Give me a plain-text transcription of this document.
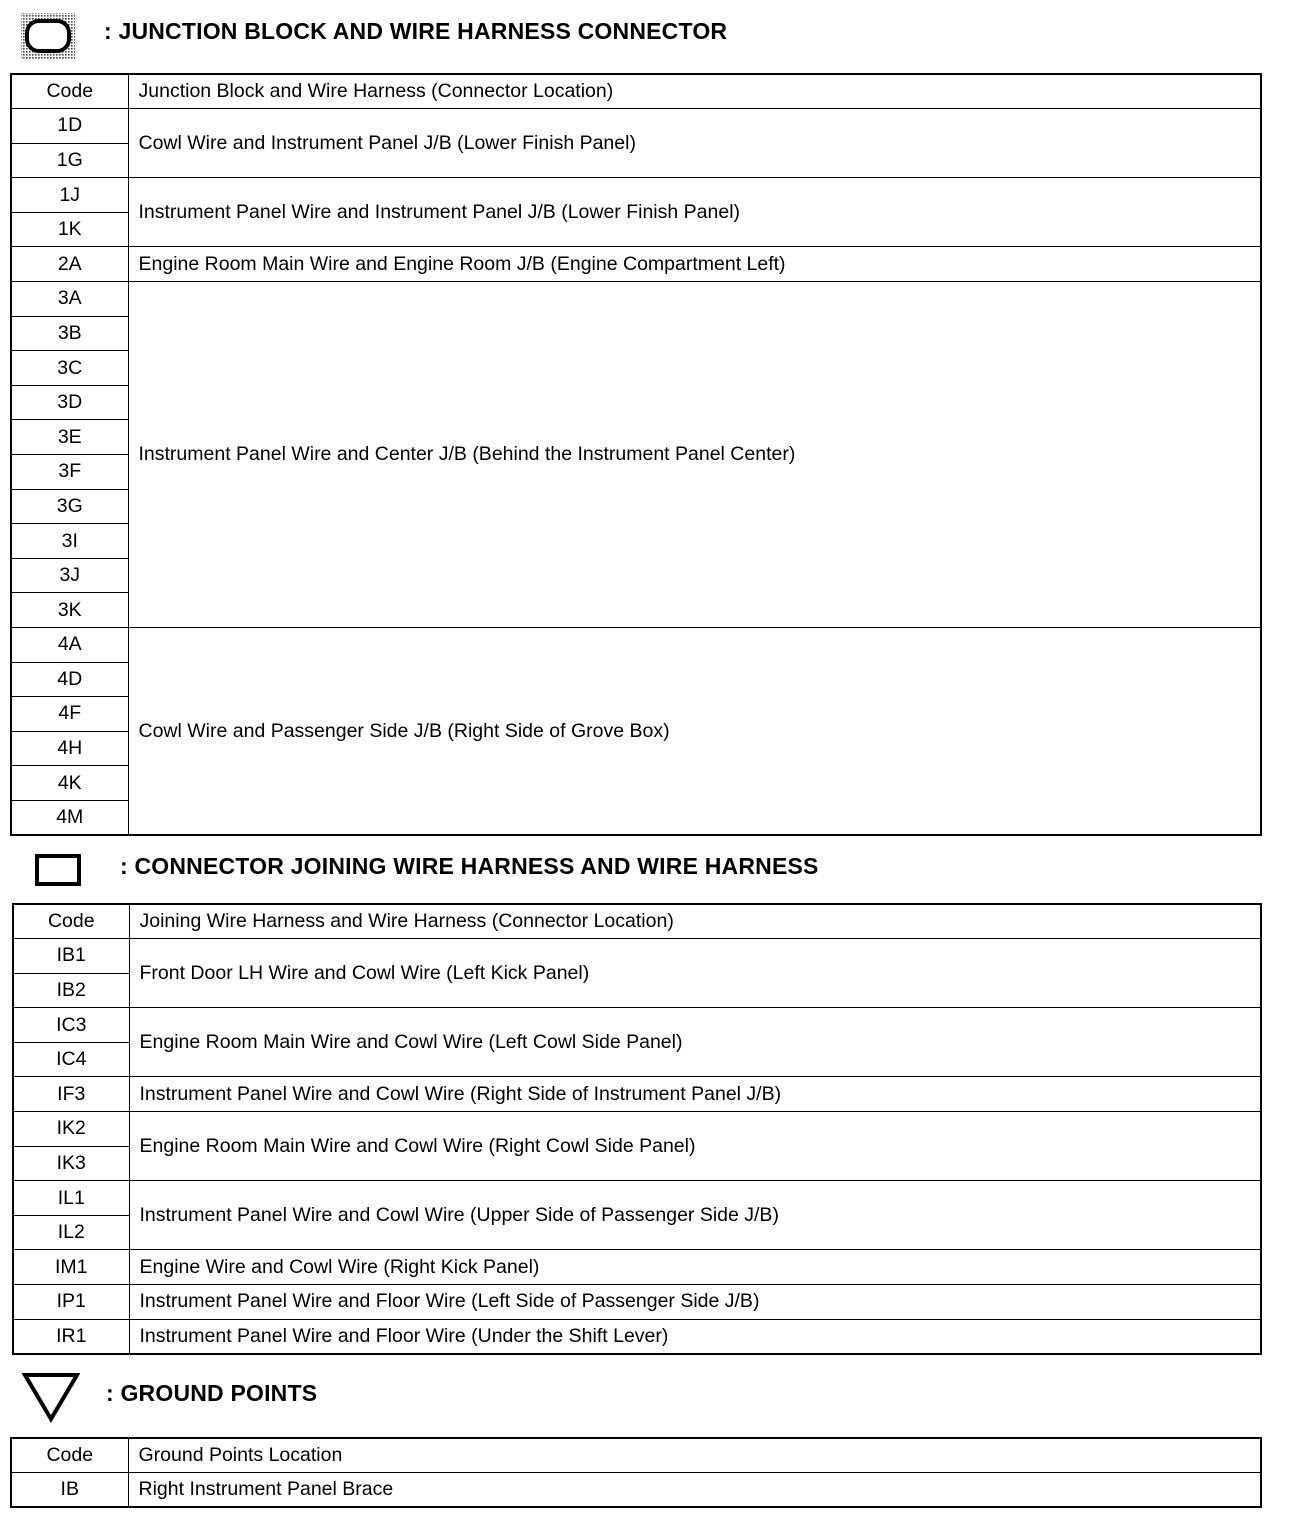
: JUNCTION BLOCK AND WIRE HARNESS CONNECTOR
Code	Junction Block and Wire Harness (Connector Location)
1D	Cowl Wire and Instrument Panel J/B (Lower Finish Panel)
1G	
1J	Instrument Panel Wire and Instrument Panel J/B (Lower Finish Panel)
1K	
2A	Engine Room Main Wire and Engine Room J/B (Engine Compartment Left)
3A	Instrument Panel Wire and Center J/B (Behind the Instrument Panel Center)
3B	
3C	
3D	
3E	
3F	
3G	
3I	
3J	
3K	
4A	Cowl Wire and Passenger Side J/B (Right Side of Grove Box)
4D	
4F	
4H	
4K	
4M	
: CONNECTOR JOINING WIRE HARNESS AND WIRE HARNESS
Code	Joining Wire Harness and Wire Harness (Connector Location)
IB1	Front Door LH Wire and Cowl Wire (Left Kick Panel)
IB2	
IC3	Engine Room Main Wire and Cowl Wire (Left Cowl Side Panel)
IC4	
IF3	Instrument Panel Wire and Cowl Wire (Right Side of Instrument Panel J/B)
IK2	Engine Room Main Wire and Cowl Wire (Right Cowl Side Panel)
IK3	
IL1	Instrument Panel Wire and Cowl Wire (Upper Side of Passenger Side J/B)
IL2	
IM1	Engine Wire and Cowl Wire (Right Kick Panel)
IP1	Instrument Panel Wire and Floor Wire (Left Side of Passenger Side J/B)
IR1	Instrument Panel Wire and Floor Wire (Under the Shift Lever)
: GROUND POINTS
Code	Ground Points Location
IB	Right Instrument Panel Brace
